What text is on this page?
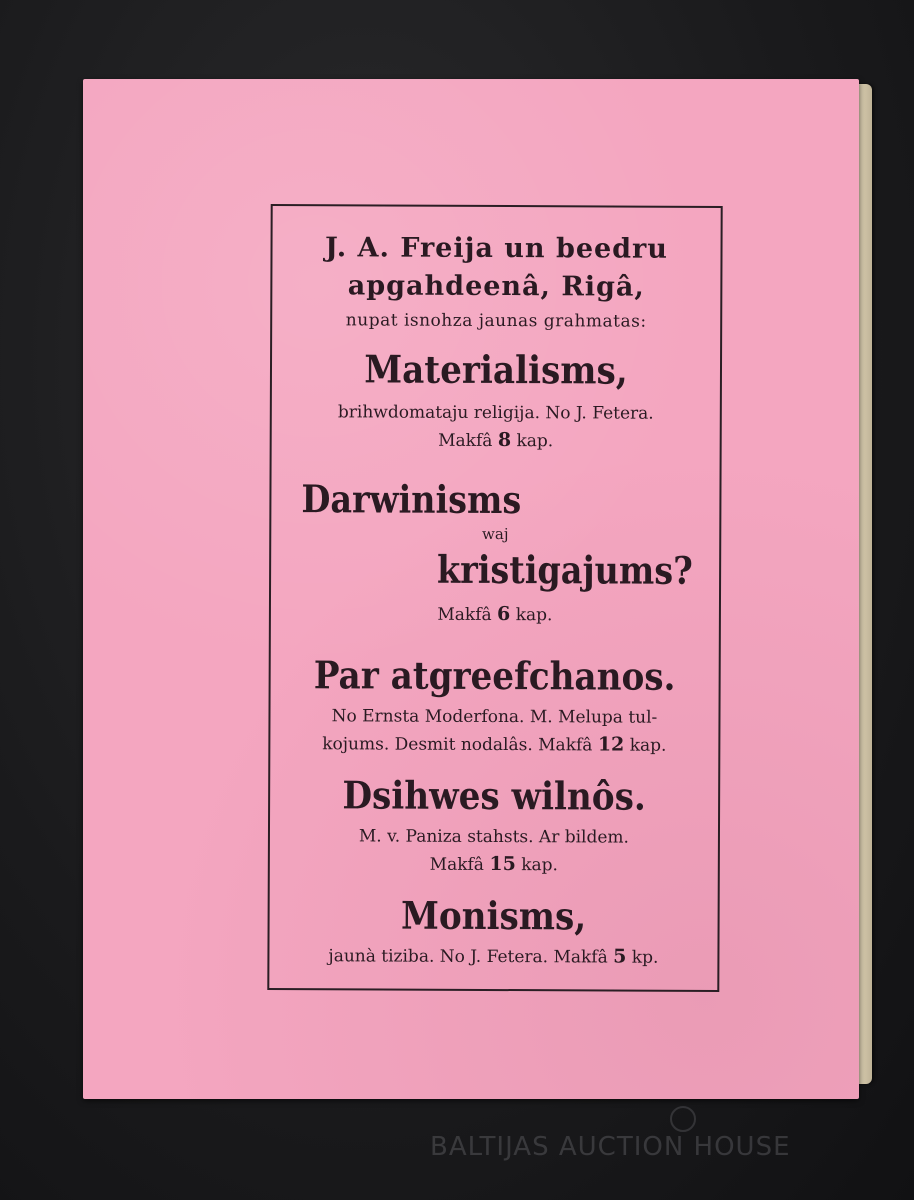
J. A. Freija un beedru
apgahdeenâ, Rigâ,
nupat isnohza jaunas grahmatas:
Materialisms,
brihwdomataju religija. No J. Fetera.
Makfâ 8 kap.
Darwinisms
waj
kristigajums?
Makfâ 6 kap.
Par atgreefchanos.
No Ernsta Moderfona. M. Melupa tul-
kojums. Desmit nodalâs. Makfâ 12 kap.
Dsihwes wilnôs.
M. v. Paniza stahsts. Ar bildem.
Makfâ 15 kap.
Monisms,
jaunà tiziba. No J. Fetera. Makfâ 5 kp.
BALTIJAS AUCTION HOUSE
